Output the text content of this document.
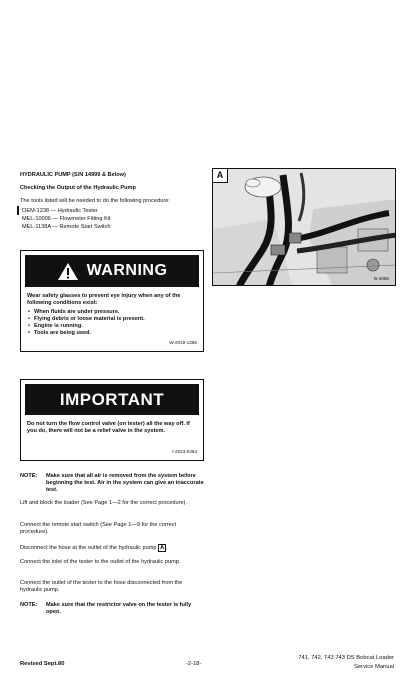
HYDRAULIC PUMP (S/N 14999 & Below)
Checking the Output of the Hydraulic Pump
The tools listed will be needed to do the following procedure:
OEM-1238 — Hydraulic Tester
MEL-10006 — Flowmeter Fitting Kit
MEL-1138A — Remote Start Switch
WARNING
Wear safety glasses to prevent eye injury when any of the following conditions exist:
• When fluids are under pressure.
• Flying debris or loose material is present.
• Engine is running.
• Tools are being used.
W-2019-1285
IMPORTANT
Do not turn the flow control valve (on tester) all the way off. If you do, there will not be a relief valve in the system.
I-2023-0284
NOTE: Make sure that all air is removed from the system before beginning the test. Air in the system can give an inaccurate test.
Lift and block the loader (See Page 1—2 for the correct procedure).
Connect the remote start switch (See Page 1—9 for the correct procedure).
Disconnect the hose at the outlet of the hydraulic pump A .
Connect the inlet of the tester to the outlet of the hydraulic pump.
Connect the outlet of the tester to the hose disconnected from the hydraulic pump.
NOTE: Make sure that the restrictor valve on the tester is fully open.
A
B-4056
Revised Sept.80	-2-18-
741, 742, 743 743 DS Bobcat Loader
Service Manual
